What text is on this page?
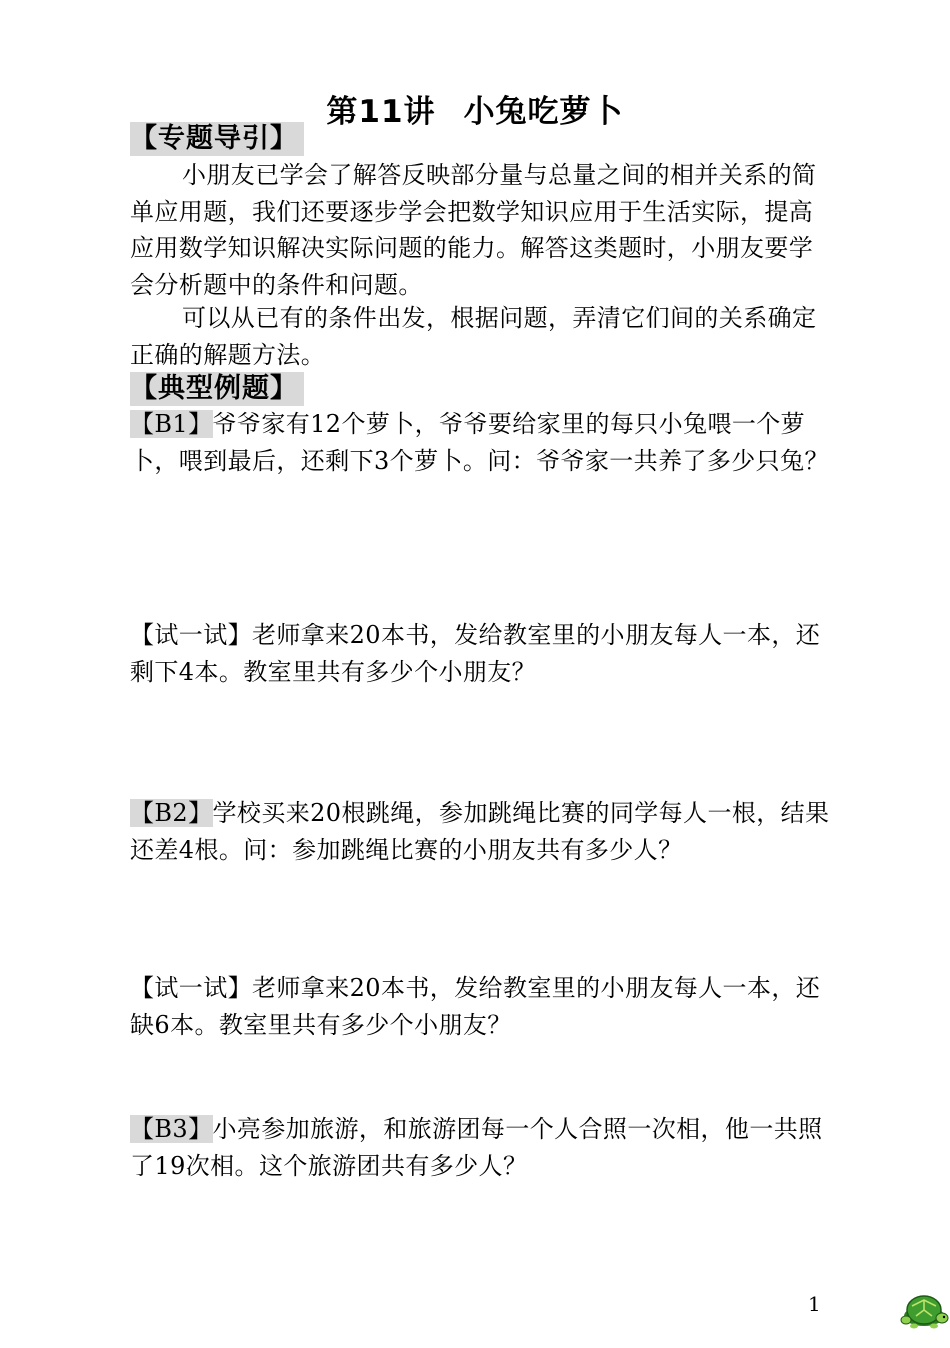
第11讲 小兔吃萝卜
【专题导引】
小朋友已学会了解答反映部分量与总量之间的相并关系的简单应用题，我们还要逐步学会把数学知识应用于生活实际，提高应用数学知识解决实际问题的能力。解答这类题时，小朋友要学会分析题中的条件和问题。
可以从已有的条件出发，根据问题，弄清它们间的关系确定正确的解题方法。
【典型例题】
【B1】爷爷家有12个萝卜，爷爷要给家里的每只小兔喂一个萝卜，喂到最后，还剩下3个萝卜。问：爷爷家一共养了多少只兔？
【试一试】老师拿来20本书，发给教室里的小朋友每人一本，还剩下4本。教室里共有多少个小朋友？
【B2】学校买来20根跳绳，参加跳绳比赛的同学每人一根，结果还差4根。问：参加跳绳比赛的小朋友共有多少人？
【试一试】老师拿来20本书，发给教室里的小朋友每人一本，还缺6本。教室里共有多少个小朋友？
【B3】小亮参加旅游，和旅游团每一个人合照一次相，他一共照了19次相。这个旅游团共有多少人？
1
